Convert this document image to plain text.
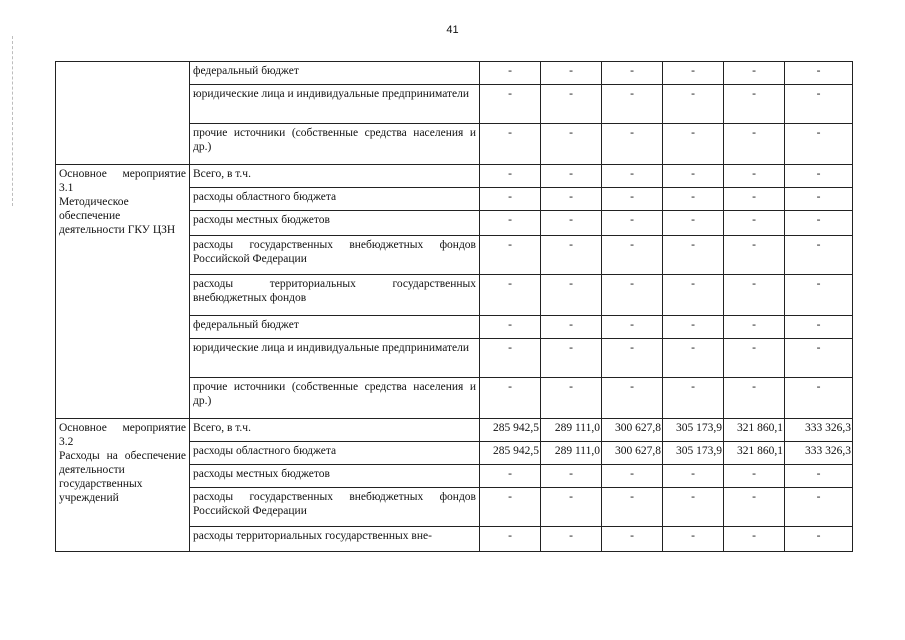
41
	федеральный бюджет	-	-	-	-	-	-
	юридические лица и индивидуальные предприниматели	-	-	-	-	-	-
	прочие источники (собственные средства населения и др.)	-	-	-	-	-	-

Основное мероприятие 3.1
Методическое обеспечение деятельности ГКУ ЦЗН	Всего, в т.ч.	-	-	-	-	-	-
	расходы областного бюджета	-	-	-	-	-	-
	расходы местных бюджетов	-	-	-	-	-	-
	расходы государственных внебюджетных фондов Российской Федерации	-	-	-	-	-	-
	расходы территориальных государственных внебюджетных фондов	-	-	-	-	-	-
	федеральный бюджет	-	-	-	-	-	-
	юридические лица и индивидуальные предприниматели	-	-	-	-	-	-
	прочие источники (собственные средства населения и др.)	-	-	-	-	-	-

Основное мероприятие 3.2
Расходы на обеспечение деятельности государственных учреждений	Всего, в т.ч.	285 942,5	289 111,0	300 627,8	305 173,9	321 860,1	333 326,3
	расходы областного бюджета	285 942,5	289 111,0	300 627,8	305 173,9	321 860,1	333 326,3
	расходы местных бюджетов	-	-	-	-	-	-
	расходы государственных внебюджетных фондов Российской Федерации	-	-	-	-	-	-
	расходы территориальных государственных вне-	-	-	-	-	-	-
